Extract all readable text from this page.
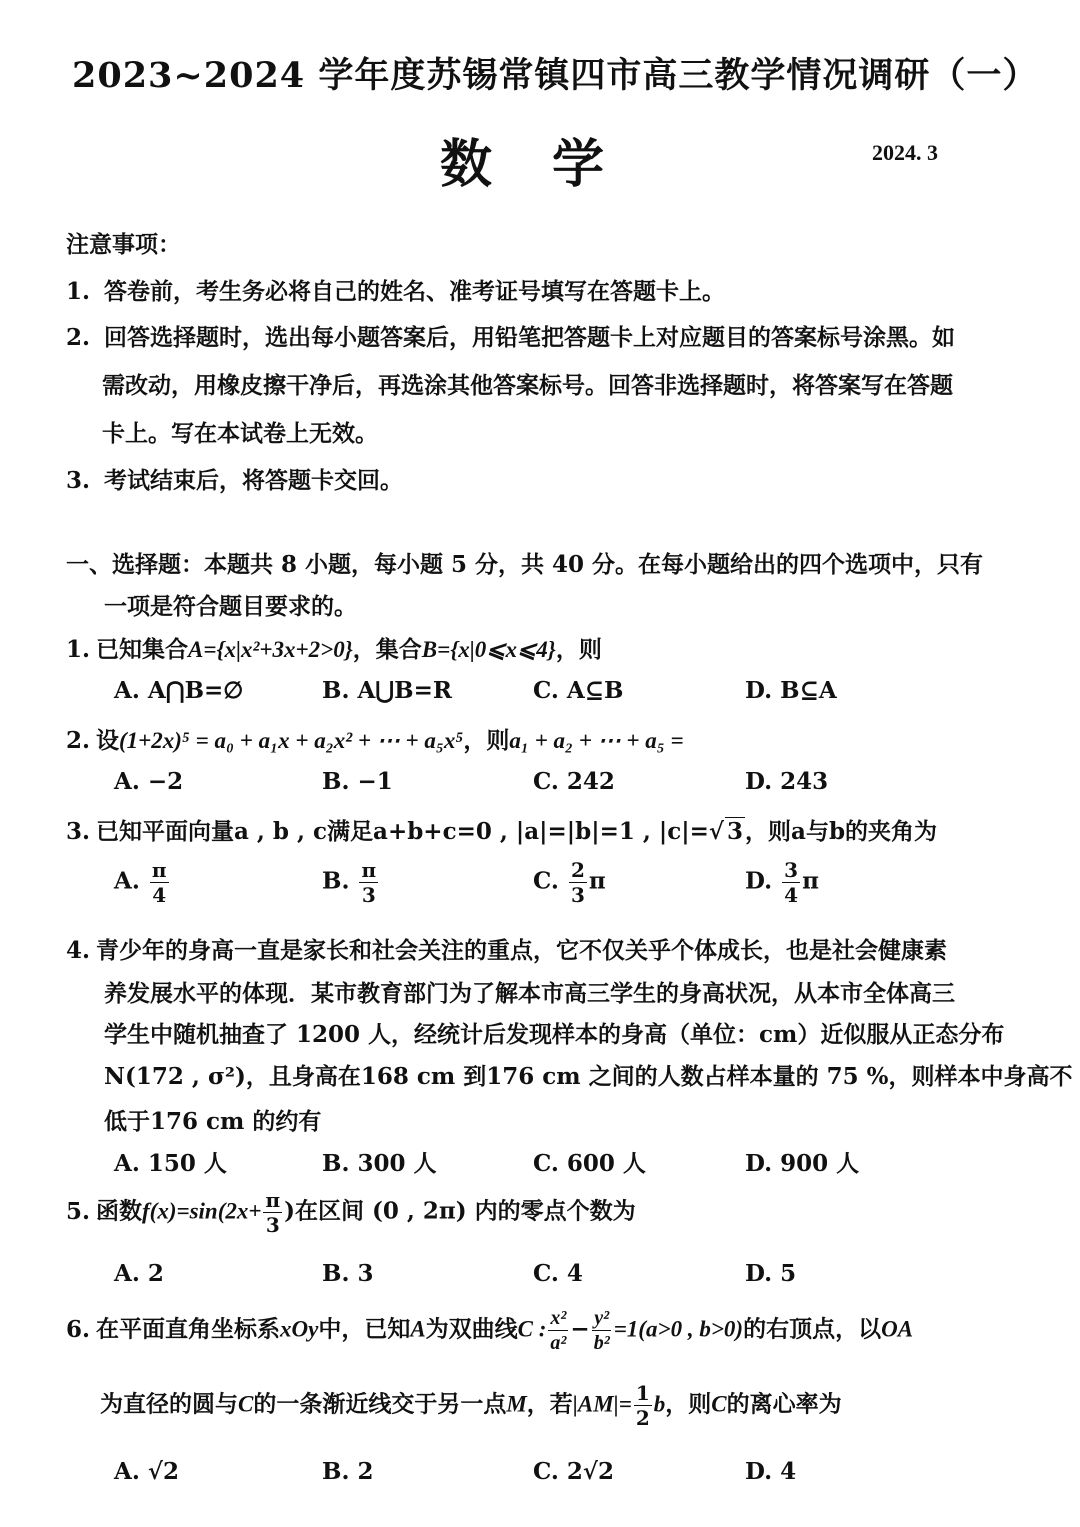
2023~2024 学年度苏锡常镇四市高三教学情况调研（一）
数学	2024. 3
注意事项：
1. 答卷前，考生务必将自己的姓名、准考证号填写在答题卡上。
2. 回答选择题时，选出每小题答案后，用铅笔把答题卡上对应题目的答案标号涂黑。如
需改动，用橡皮擦干净后，再选涂其他答案标号。回答非选择题时，将答案写在答题
卡上。写在本试卷上无效。
3. 考试结束后，将答题卡交回。
一、选择题：本题共 8 小题，每小题 5 分，共 40 分。在每小题给出的四个选项中，只有
一项是符合题目要求的。
1. 已知集合A={x|x²+3x+2>0}，集合B={x|0⩽x⩽4}，则
A. A⋂B=∅	B. A⋃B=R	C. A⊆B	D. B⊆A
2. 设(1+2x)⁵ = a₀ + a₁x + a₂x² + ⋯ + a₅x⁵，则a₁ + a₂ + ⋯ + a₅ =
A. −2	B. −1	C. 242	D. 243
3. 已知平面向量a , b , c满足a+b+c=0 , |a|=|b|=1 , |c|=√ 3，则a与b的夹角为
A. $\frac{\pi}{4}$	B. $\frac{\pi}{3}$	C. $\frac{2}{3}$ π	D. $\frac{3}{4}$ π
4. 青少年的身高一直是家长和社会关注的重点，它不仅关乎个体成长，也是社会健康素
养发展水平的体现．某市教育部门为了解本市高三学生的身高状况，从本市全体高三
学生中随机抽查了 1200 人，经统计后发现样本的身高（单位：cm）近似服从正态分布
N(172 , σ²)，且身高在168 cm 到176 cm 之间的人数占样本量的 75 %，则样本中身高不
低于176 cm 的约有
A. 150 人	B. 300 人	C. 600 人	D. 900 人
5. 函数$f(x)=\sin(2x+ \frac{\pi}{3}$ )在区间 (0 , 2π) 内的零点个数为
A. 2	B. 3	C. 4	D. 5
6. 在平面直角坐标系xOy中，已知A为双曲线C : $\frac{\text{x²}}{\text{a²}} - \frac{\text{y²}}{\text{b²}} =1(a>0$ , b>0)的右顶点，以OA
为直径的圆与C的一条渐近线交于另一点M，若$|AM|= \frac{1}{2}$ b，则C的离心率为
A. √2	B. 2	C. 2√2	D. 4
